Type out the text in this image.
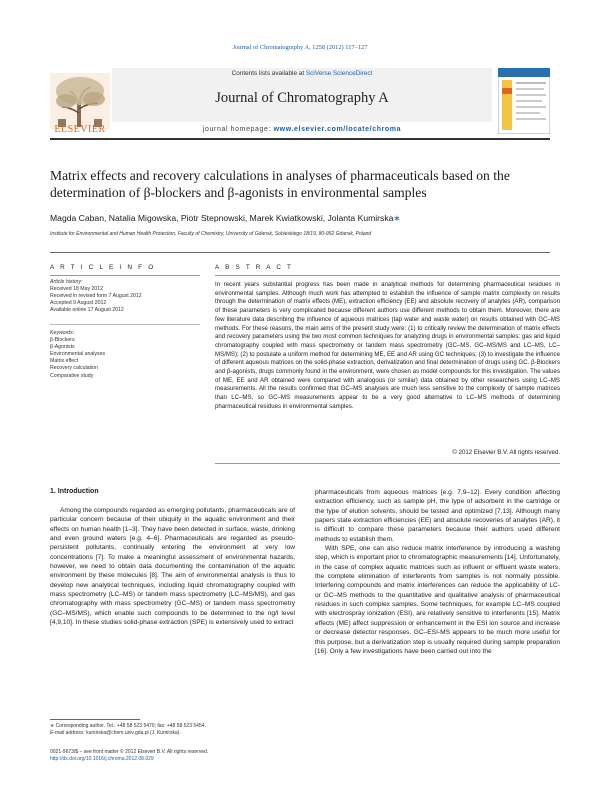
Journal of Chromatography A, 1258 (2012) 117–127
Contents lists available at SciVerse ScienceDirect
Journal of Chromatography A
journal homepage: www.elsevier.com/locate/chroma
ELSEVIER
Matrix effects and recovery calculations in analyses of pharmaceuticals based on the determination of β-blockers and β-agonists in environmental samples
Magda Caban, Natalia Migowska, Piotr Stepnowski, Marek Kwiatkowski, Jolanta Kumirska∗
Institute for Environmental and Human Health Protection, Faculty of Chemistry, University of Gdansk, Sobieskiego 18/19, 80-952 Gdansk, Poland
A R T I C L E I N F O	A B S T R A C T
Article history:
Received 18 May 2012
Received in revised form 7 August 2012
Accepted 9 August 2012
Available online 17 August 2012
Keywords:
β-Blockers
β-Agonists
Environmental analyses
Matrix effect
Recovery calculation
Comparative study
In recent years substantial progress has been made in analytical methods for determining pharmaceutical residues in environmental samples. Although much work has attempted to establish the influence of sample matrix complexity on results through the determination of matrix effects (ME), extraction efficiency (EE) and absolute recovery of analytes (AR), comparison of these parameters is very complicated because different authors use different methods to obtain them. Moreover, there are few literature data describing the influence of aqueous matrices (tap water and waste water) on results obtained with GC–MS methods. For these reasons, the main aims of the present study were: (1) to critically review the determination of matrix effects and recovery parameters using the two most common techniques for analyzing drugs in environmental samples: gas and liquid chromatography coupled with mass spectrometry or tandem mass spectrometry (GC–MS, GC–MS/MS and LC–MS, LC–MS/MS); (2) to postulate a uniform method for determining ME, EE and AR using GC techniques; (3) to investigate the influence of different aqueous matrices on the solid-phase extraction, derivatization and final determination of drugs using GC. β-Blockers and β-agonists, drugs commonly found in the environment, were chosen as model compounds for this investigation. The values of ME, EE and AR obtained were compared with analogous (or similar) data obtained by other researchers using LC–MS measurements. All the results confirmed that GC–MS analyses are much less sensitive to the complexity of sample matrices than LC–MS, so GC–MS measurements appear to be a very good alternative to LC–MS methods of determining pharmaceutical residues in environmental samples.
© 2012 Elsevier B.V. All rights reserved.
1. Introduction
Among the compounds regarded as emerging pollutants, pharmaceuticals are of particular concern because of their ubiquity in the aquatic environment and their effects on human health [1–3]. They have been detected in surface, waste, drinking and even ground waters [e.g. 4–6]. Pharmaceuticals are regarded as pseudo-persistent pollutants, continually entering the environment at very low concentrations [7]. To make a meaningful assessment of environmental hazards, however, we need to obtain data documenting the contamination of the aquatic environment by these molecules [8]. The aim of environmental analysis is thus to develop new analytical techniques, including liquid chromatography coupled with mass spectrometry (LC–MS) or tandem mass spectrometry (LC–MS/MS), and gas chromatography with mass spectrometry (GC–MS) or tandem mass spectrometry (GC–MS/MS), which enable such compounds to be determined to the ng/l level [4,9,10]. In these studies solid-phase extraction (SPE) is extensively used to extract

pharmaceuticals from aqueous matrices [e.g. 7,9–12]. Every condition affecting extraction efficiency, such as sample pH, the type of adsorbent in the cartridge or the type of elution solvents, should be tested and optimized [7,13]. Although many papers state extraction efficiencies (EE) and absolute recoveries of analytes (AR), it is difficult to compare these parameters because their authors used different methods to establish them.

With SPE, one can also reduce matrix interference by introducing a washing step, which is important prior to chromatographic measurements [14]. Unfortunately, in the case of complex aquatic matrices such as influent or effluent waste waters, the complete elimination of interferents from samples is not normally possible. Interfering compounds and matrix interferences can reduce the applicability of LC- or GC–MS methods to the quantitative and qualitative analysis of pharmaceutical residues in such complex samples. Some techniques, for example LC–MS coupled with electrospray ionization (ESI), are relatively sensitive to interferents [15]. Matrix effects (ME) affect suppression or enhancement in the ESI ion source and increase or decrease detector responses. GC–ESI-MS appears to be much more useful for this purpose, but a derivatization step is usually required during sample preparation [16]. Only a few investigations have been carried out into the

∗ Corresponding author. Tel.: +48 58 523 5470; fax: +48 58 523 5454.
E-mail address: kumirska@chem.univ.gda.pl (J. Kumirska).
0021-9673/$ – see front matter © 2012 Elsevier B.V. All rights reserved.
http://dx.doi.org/10.1016/j.chroma.2012.08.029
